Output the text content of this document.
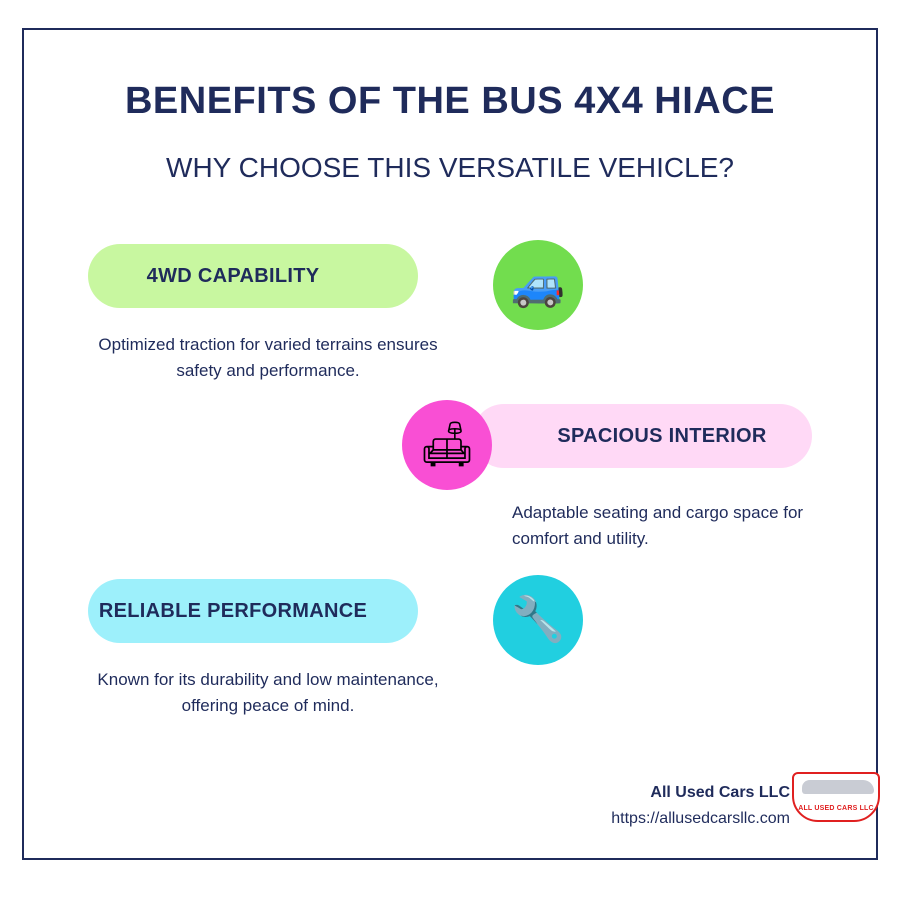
BENEFITS OF THE BUS 4X4 HIACE
WHY CHOOSE THIS VERSATILE VEHICLE?
4WD CAPABILITY	🚙
Optimized traction for varied terrains ensures safety and performance.
SPACIOUS INTERIOR
🛋
Adaptable seating and cargo space for comfort and utility.
RELIABLE PERFORMANCE	🔧
Known for its durability and low maintenance, offering peace of mind.
All Used Cars LLC
https://allusedcarsllc.com
ALL USED CARS LLC
